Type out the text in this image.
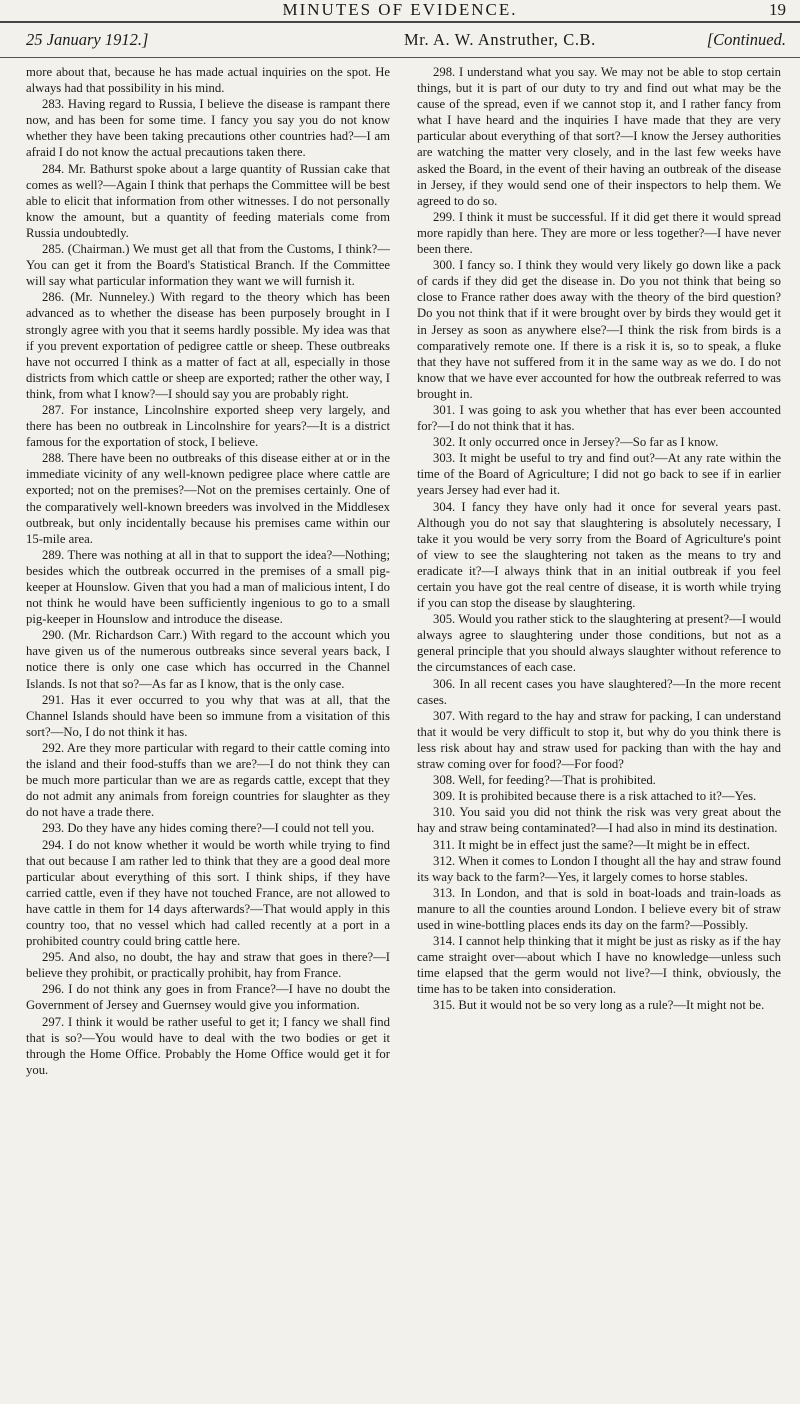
MINUTES OF EVIDENCE.	19
25 January 1912.]	Mr. A. W. Anstruther, C.B.	[Continued.

more about that, because he has made actual inquiries on the spot. He always had that possibility in his mind.

283. Having regard to Russia, I believe the disease is rampant there now, and has been for some time. I fancy you say you do not know whether they have been taking precautions other countries had?—I am afraid I do not know the actual precautions taken there.

284. Mr. Bathurst spoke about a large quantity of Russian cake that comes as well?—Again I think that perhaps the Committee will be best able to elicit that information from other witnesses. I do not personally know the amount, but a quantity of feeding materials come from Russia undoubtedly.

285. (Chairman.) We must get all that from the Customs, I think?—You can get it from the Board's Statistical Branch. If the Committee will say what particular information they want we will furnish it.

286. (Mr. Nunneley.) With regard to the theory which has been advanced as to whether the disease has been purposely brought in I strongly agree with you that it seems hardly possible. My idea was that if you prevent exportation of pedigree cattle or sheep. These outbreaks have not occurred I think as a matter of fact at all, especially in those districts from which cattle or sheep are exported; rather the other way, I think, from what I know?—I should say you are probably right.

287. For instance, Lincolnshire exported sheep very largely, and there has been no outbreak in Lincolnshire for years?—It is a district famous for the exportation of stock, I believe.

288. There have been no outbreaks of this disease either at or in the immediate vicinity of any well-known pedigree place where cattle are exported; not on the premises?—Not on the premises certainly. One of the comparatively well-known breeders was involved in the Middlesex outbreak, but only incidentally because his premises came within our 15-mile area.

289. There was nothing at all in that to support the idea?—Nothing; besides which the outbreak occurred in the premises of a small pig-keeper at Hounslow. Given that you had a man of malicious intent, I do not think he would have been sufficiently ingenious to go to a small pig-keeper in Hounslow and introduce the disease.

290. (Mr. Richardson Carr.) With regard to the account which you have given us of the numerous outbreaks since several years back, I notice there is only one case which has occurred in the Channel Islands. Is not that so?—As far as I know, that is the only case.

291. Has it ever occurred to you why that was at all, that the Channel Islands should have been so immune from a visitation of this sort?—No, I do not think it has.

292. Are they more particular with regard to their cattle coming into the island and their food-stuffs than we are?—I do not think they can be much more particular than we are as regards cattle, except that they do not admit any animals from foreign countries for slaughter as they do not have a trade there.

293. Do they have any hides coming there?—I could not tell you.

294. I do not know whether it would be worth while trying to find that out because I am rather led to think that they are a good deal more particular about everything of this sort. I think ships, if they have carried cattle, even if they have not touched France, are not allowed to have cattle in them for 14 days afterwards?—That would apply in this country too, that no vessel which had called recently at a port in a prohibited country could bring cattle here.

295. And also, no doubt, the hay and straw that goes in there?—I believe they prohibit, or practically prohibit, hay from France.

296. I do not think any goes in from France?—I have no doubt the Government of Jersey and Guernsey would give you information.

297. I think it would be rather useful to get it; I fancy we shall find that is so?—You would have to deal with the two bodies or get it through the Home Office. Probably the Home Office would get it for you.

298. I understand what you say. We may not be able to stop certain things, but it is part of our duty to try and find out what may be the cause of the spread, even if we cannot stop it, and I rather fancy from what I have heard and the inquiries I have made that they are very particular about everything of that sort?—I know the Jersey authorities are watching the matter very closely, and in the last few weeks have asked the Board, in the event of their having an outbreak of the disease in Jersey, if they would send one of their inspectors to help them. We agreed to do so.

299. I think it must be successful. If it did get there it would spread more rapidly than here. They are more or less together?—I have never been there.

300. I fancy so. I think they would very likely go down like a pack of cards if they did get the disease in. Do you not think that being so close to France rather does away with the theory of the bird question? Do you not think that if it were brought over by birds they would get it in Jersey as soon as anywhere else?—I think the risk from birds is a comparatively remote one. If there is a risk it is, so to speak, a fluke that they have not suffered from it in the same way as we do. I do not know that we have ever accounted for how the outbreak referred to was brought in.

301. I was going to ask you whether that has ever been accounted for?—I do not think that it has.

302. It only occurred once in Jersey?—So far as I know.

303. It might be useful to try and find out?—At any rate within the time of the Board of Agriculture; I did not go back to see if in earlier years Jersey had ever had it.

304. I fancy they have only had it once for several years past. Although you do not say that slaughtering is absolutely necessary, I take it you would be very sorry from the Board of Agriculture's point of view to see the slaughtering not taken as the means to try and eradicate it?—I always think that in an initial outbreak if you feel certain you have got the real centre of disease, it is worth while trying if you can stop the disease by slaughtering.

305. Would you rather stick to the slaughtering at present?—I would always agree to slaughtering under those conditions, but not as a general principle that you should always slaughter without reference to the circumstances of each case.

306. In all recent cases you have slaughtered?—In the more recent cases.

307. With regard to the hay and straw for packing, I can understand that it would be very difficult to stop it, but why do you think there is less risk about hay and straw used for packing than with the hay and straw coming over for food?—For food?

308. Well, for feeding?—That is prohibited.

309. It is prohibited because there is a risk attached to it?—Yes.

310. You said you did not think the risk was very great about the hay and straw being contaminated?—I had also in mind its destination.

311. It might be in effect just the same?—It might be in effect.

312. When it comes to London I thought all the hay and straw found its way back to the farm?—Yes, it largely comes to horse stables.

313. In London, and that is sold in boat-loads and train-loads as manure to all the counties around London. I believe every bit of straw used in wine-bottling places ends its day on the farm?—Possibly.

314. I cannot help thinking that it might be just as risky as if the hay came straight over—about which I have no knowledge—unless such time elapsed that the germ would not live?—I think, obviously, the time has to be taken into consideration.

315. But it would not be so very long as a rule?—It might not be.
